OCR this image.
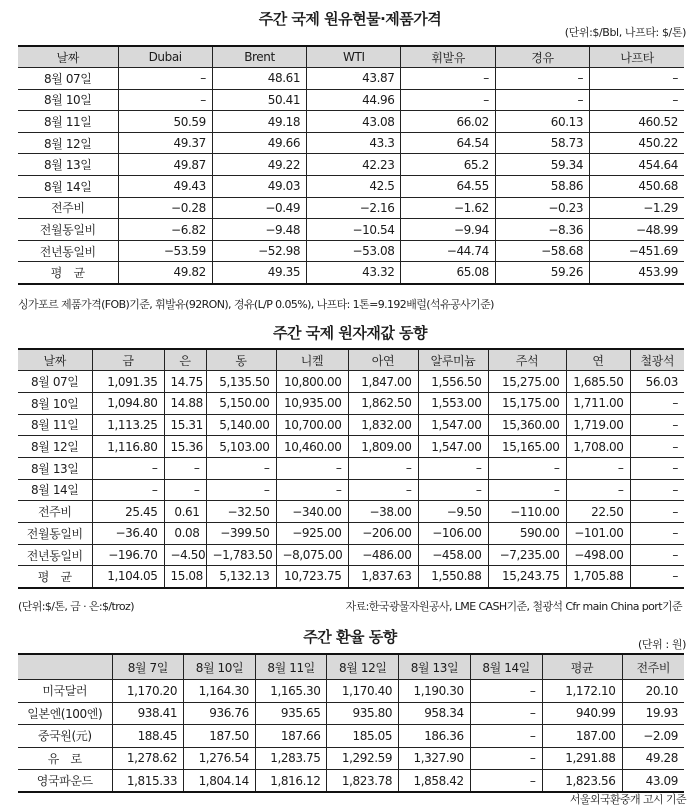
주간 국제 원유현물·제품가격
(단위:$/Bbl, 나프타: $/톤)
날짜	Dubai	Brent	WTI	휘발유	경유	나프타
8월 07일	–	48.61	43.87	–	–	–
8월 10일	–	50.41	44.96	–	–	–
8월 11일	50.59	49.18	43.08	66.02	60.13	460.52
8월 12일	49.37	49.66	43.3	64.54	58.73	450.22
8월 13일	49.87	49.22	42.23	65.2	59.34	454.64
8월 14일	49.43	49.03	42.5	64.55	58.86	450.68
전주비	−0.28	−0.49	−2.16	−1.62	−0.23	−1.29
전월동일비	−6.82	−9.48	−10.54	−9.94	−8.36	−48.99
전년동일비	−53.59	−52.98	−53.08	−44.74	−58.68	−451.69
평　균	49.82	49.35	43.32	65.08	59.26	453.99
싱가포르 제품가격(FOB)기준, 휘발유(92RON), 경유(L/P 0.05%), 나프타: 1톤=9.192배럴(석유공사기준)
주간 국제 원자재값 동향
날짜	금	은	동	니켈	아연	알루미늄	주석	연	철광석
8월 07일	1,091.35	14.75	5,135.50	10,800.00	1,847.00	1,556.50	15,275.00	1,685.50	56.03
8월 10일	1,094.80	14.88	5,150.00	10,935.00	1,862.50	1,553.00	15,175.00	1,711.00	–
8월 11일	1,113.25	15.31	5,140.00	10,700.00	1,832.00	1,547.00	15,360.00	1,719.00	–
8월 12일	1,116.80	15.36	5,103.00	10,460.00	1,809.00	1,547.00	15,165.00	1,708.00	–
8월 13일	–	–	–	–	–	–	–	–	–
8월 14일	–	–	–	–	–	–	–	–	–
전주비	25.45	0.61	−32.50	−340.00	−38.00	−9.50	−110.00	22.50	–
전월동일비	−36.40	0.08	−399.50	−925.00	−206.00	−106.00	590.00	−101.00	–
전년동일비	−196.70	−4.50	−1,783.50	−8,075.00	−486.00	−458.00	−7,235.00	−498.00	–
평　균	1,104.05	15.08	5,132.13	10,723.75	1,837.63	1,550.88	15,243.75	1,705.88	–
(단위:$/톤, 금 · 은:$/troz)	자료:한국광물자원공사, LME CASH기준, 철광석 Cfr main China port기준
주간 환율 동향	(단위 : 원)
	8월 7일	8월 10일	8월 11일	8월 12일	8월 13일	8월 14일	평균	전주비
미국달러	1,170.20	1,164.30	1,165.30	1,170.40	1,190.30	–	1,172.10	20.10
일본엔(100엔)	938.41	936.76	935.65	935.80	958.34	–	940.99	19.93
중국원(元)	188.45	187.50	187.66	185.05	186.36	–	187.00	−2.09
유　로	1,278.62	1,276.54	1,283.75	1,292.59	1,327.90	–	1,291.88	49.28
영국파운드	1,815.33	1,804.14	1,816.12	1,823.78	1,858.42	–	1,823.56	43.09
서울외국환중개 고시 기준
